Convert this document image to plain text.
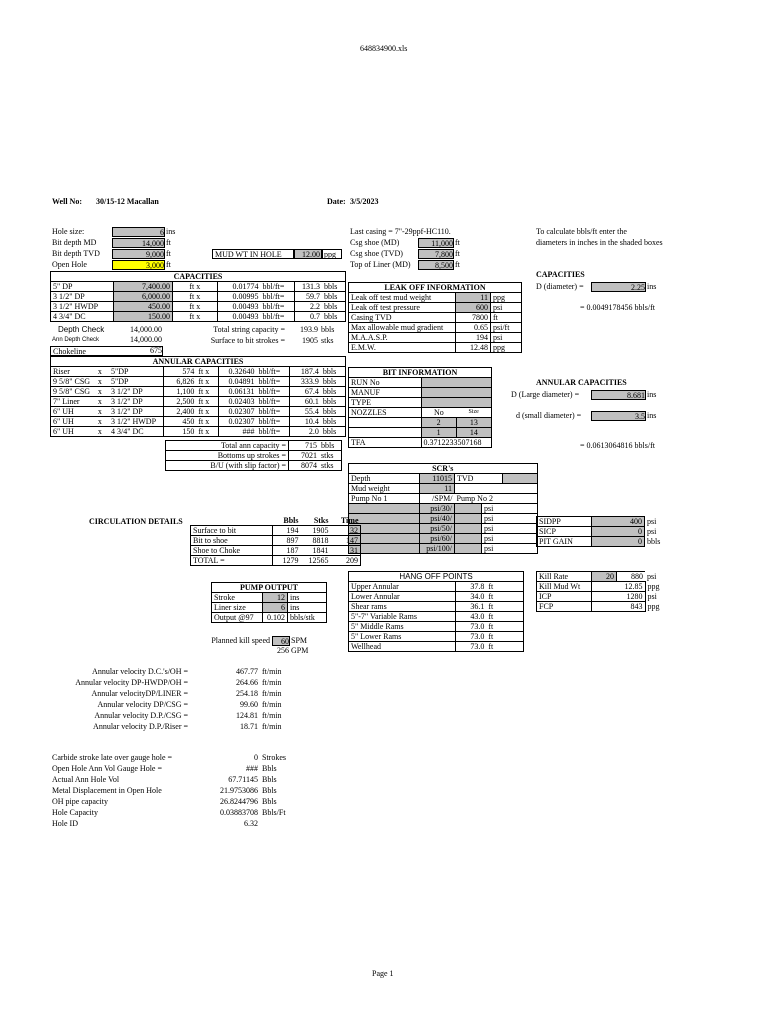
648834900.xls
Well No: 30/15-12 Macallan	Date: 3/5/2023
Hole size:	6 ins
Bit depth MD	14,000 ft
Bit depth TVD	9,000 ft
Open Hole	3,000 ft
MUD WT IN HOLE	12.00 ppg
Last casing = 7"-29ppf-HC110.
Csg shoe (MD)	11,000 ft
Csg shoe (TVD)	7,800 ft
Top of Liner (MD)	8,500 ft
To calculate bbls/ft enter the
diameters in inches in the shaded boxes
CAPACITIES
D (diameter) =	2.25 ins
= 0.0049178456 bbls/ft
ANNULAR CAPACITIES
D (Large diameter) =	8.681 ins
d (small diameter) =	3.5 ins
= 0.0613064816 bbls/ft
CAPACITIES						
5" DP	7,400.00	ft x	0.01774	bbl/ft=	131.3	bbls
3 1/2" DP	6,000.00	ft x	0.00995	bbl/ft=	59.7	bbls
3 1/2" HWDP	450.00	ft x	0.00493	bbl/ft=	2.2	bbls
4 3/4" DC	150.00	ft x	0.00493	bbl/ft=	0.7	bbls
Depth Check	14,000.00
Ann Depth Check	14,000.00
Chokeline	675
Total string capacity =	193.9 bbls
Surface to bit strokes =	1905 stks
LEAK OFF INFORMATION		
Leak off test mud weight	11	ppg
Leak off test pressure	600	psi
Casing TVD	7800	ft
Max allowable mud gradient	0.65	psi/ft
M.A.A.S.P.	194	psi
E.M.W.	12.48	ppg
ANNULAR CAPACITIES								
Riser	x	5"DP	574	ft x	0.32640	bbl/ft=	187.4	bbls
9 5/8" CSG	x	5"DP	6,826	ft x	0.04891	bbl/ft=	333.9	bbls
9 5/8" CSG	x	3 1/2" DP	1,100	ft x	0.06131	bbl/ft=	67.4	bbls
7" Liner	x	3 1/2" DP	2,500	ft x	0.02403	bbl/ft=	60.1	bbls
6" UH	x	3 1/2" DP	2,400	ft x	0.02307	bbl/ft=	55.4	bbls
6" UH	x	3 1/2" HWDP	450	ft x	0.02307	bbl/ft=	10.4	bbls
6" UH	x	4 3/4" DC	150	ft x	###	bbl/ft=	2.0	bbls
Total ann capacity =	715	bbls
Bottoms up strokes =	7021	stks
B/U (with slip factor) =	8074	stks
BIT INFORMATION		
RUN No		
MANUF		
TYPE		
NOZZLES	No	Size
	2	13
	1	14
TFA	0.3712233507168	
SCR's				
Depth	11015	TVD		
Mud weight	11			
Pump No 1	/SPM/	Pump No 2		
	psi/30/		psi	
	psi/40/		psi	
	psi/50/		psi	
	psi/60/		psi	
	psi/100/		psi	
SIDPP	400	psi
SICP	0	psi
PIT GAIN	0	bbls
CIRCULATION DETAILS
		Bbls	Stks	Time
Surface to bit	194	1905	32
Bit to shoe	897	8818	147
Shoe to Choke	187	1841	31
TOTAL =	1279	12565	209
HANG OFF POINTS		
Upper Annular	37.8	ft
Lower Annular	34.0	ft
Shear rams	36.1	ft
5"-7" Variable Rams	43.0	ft
5" Middle Rams	73.0	ft
5" Lower Rams	73.0	ft
Wellhead	73.0	ft
Kill Rate	20	880	psi
Kill Mud Wt	12.85		ppg
ICP	1280		psi
FCP	843		ppg
PUMP OUTPUT		
Stroke	12	ins
Liner size	6	ins
Output @97	0.102	bbls/stk
Planned kill speed	60 SPM
256 GPM
Annular velocity D.C.'s/OH =	467.77 ft/min
Annular velocity DP-HWDP/OH =	264.66 ft/min
Annular velocityDP/LINER =	254.18 ft/min
Annular velocity DP/CSG =	99.60 ft/min
Annular velocity D.P./CSG =	124.81 ft/min
Annular velocity D.P./Riser =	18.71 ft/min
Carbide stroke late over gauge hole =	0 Strokes
Open Hole Ann Vol Gauge Hole =	### Bbls
Actual Ann Hole Vol	67.71145 Bbls
Metal Displacement in Open Hole	21.9753086 Bbls
OH pipe capacity	26.8244796 Bbls
Hole Capacity	0.03883708 Bbls/Ft
Hole ID	6.32
Page 1
